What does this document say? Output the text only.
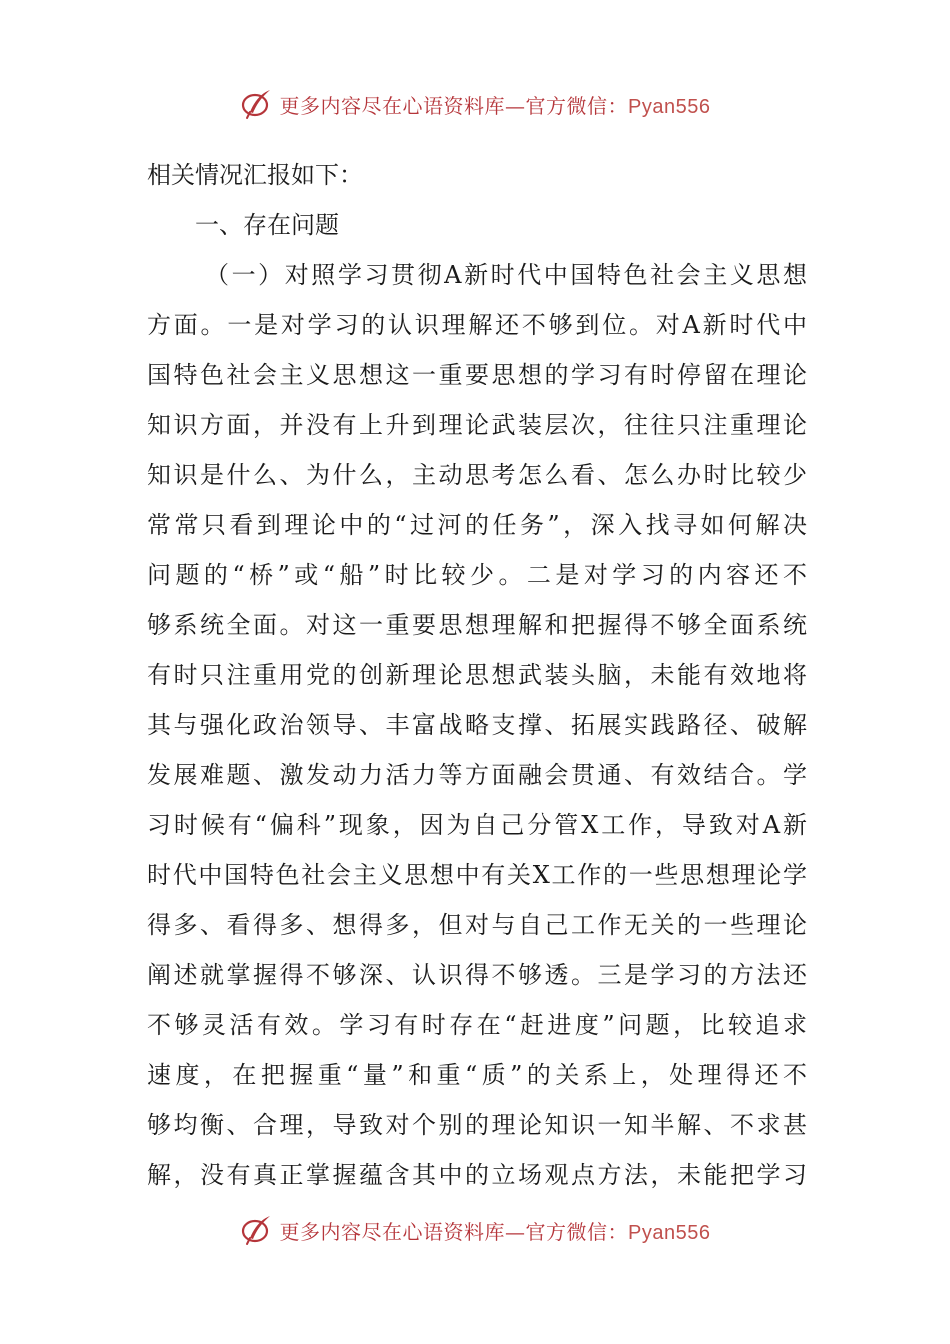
更多内容尽在心语资料库—官方微信：Pyan556
相关情况汇报如下：
一、存在问题
（一）对照学习贯彻A新时代中国特色社会主义思想
方面。一是对学习的认识理解还不够到位。对A新时代中
国特色社会主义思想这一重要思想的学习有时停留在理论
知识方面，并没有上升到理论武装层次，往往只注重理论
知识是什么、为什么，主动思考怎么看、怎么办时比较少
常常只看到理论中的“过河的任务”，深入找寻如何解决
问题的“桥”或“船”时比较少。二是对学习的内容还不
够系统全面。对这一重要思想理解和把握得不够全面系统
有时只注重用党的创新理论思想武装头脑，未能有效地将
其与强化政治领导、丰富战略支撑、拓展实践路径、破解
发展难题、激发动力活力等方面融会贯通、有效结合。学
习时候有“偏科”现象，因为自己分管X工作，导致对A新
时代中国特色社会主义思想中有关X工作的一些思想理论学
得多、看得多、想得多，但对与自己工作无关的一些理论
阐述就掌握得不够深、认识得不够透。三是学习的方法还
不够灵活有效。学习有时存在“赶进度”问题，比较追求
速度，在把握重“量”和重“质”的关系上，处理得还不
够均衡、合理，导致对个别的理论知识一知半解、不求甚
解，没有真正掌握蕴含其中的立场观点方法，未能把学习
更多内容尽在心语资料库—官方微信：Pyan556
